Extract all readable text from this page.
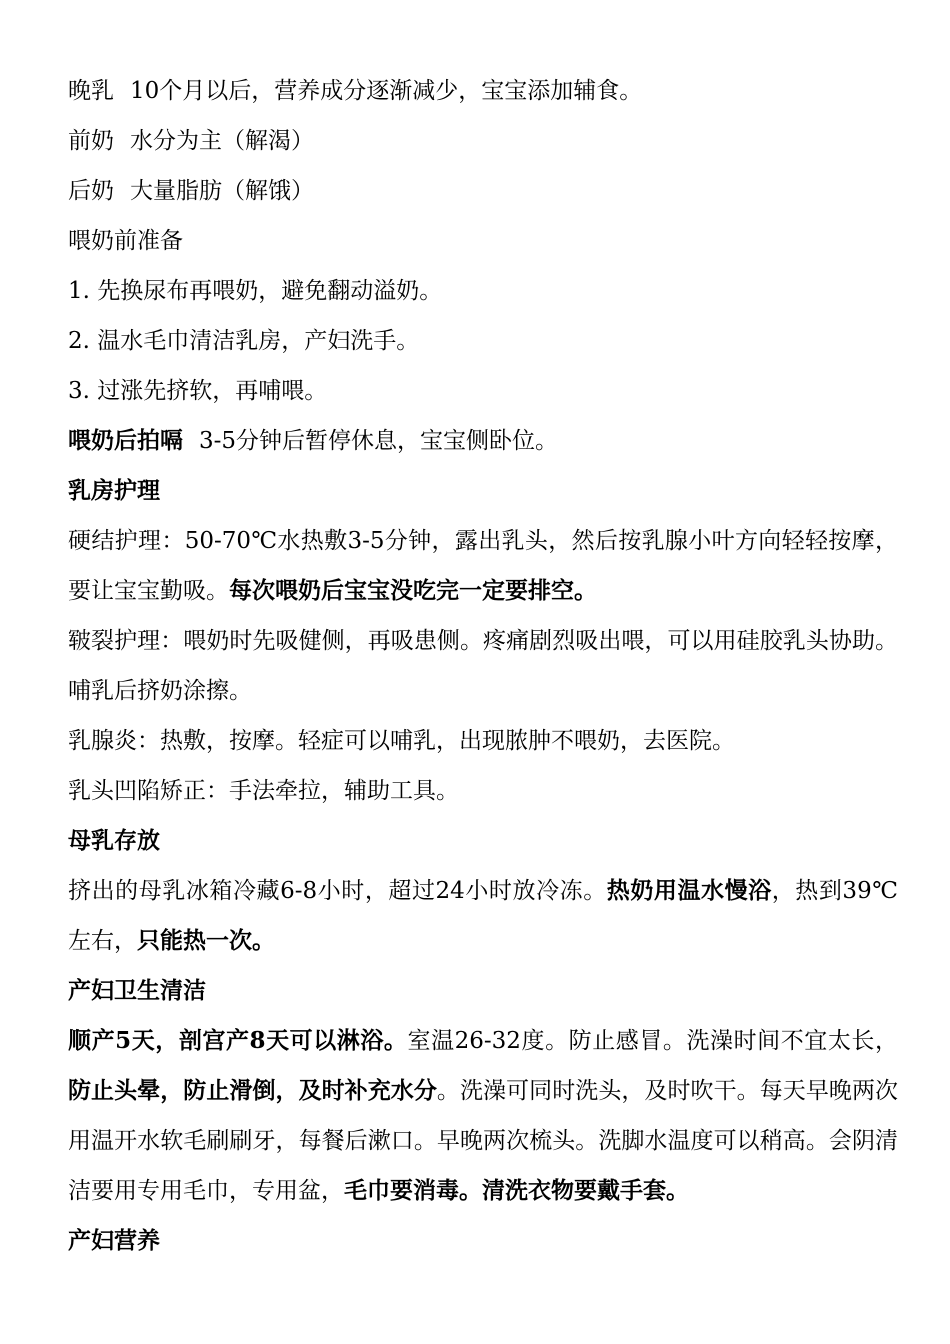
晚乳 10个月以后，营养成分逐渐减少，宝宝添加辅食。

前奶 水分为主（解渴）

后奶 大量脂肪（解饿）

喂奶前准备

1. 先换尿布再喂奶，避免翻动溢奶。

2. 温水毛巾清洁乳房，产妇洗手。

3. 过涨先挤软，再哺喂。

喂奶后拍嗝 3-5分钟后暂停休息，宝宝侧卧位。

乳房护理

硬结护理：50-70℃水热敷3-5分钟，露出乳头，然后按乳腺小叶方向轻轻按摩，要让宝宝勤吸。每次喂奶后宝宝没吃完一定要排空。

皲裂护理：喂奶时先吸健侧，再吸患侧。疼痛剧烈吸出喂，可以用硅胶乳头协助。哺乳后挤奶涂擦。

乳腺炎：热敷，按摩。轻症可以哺乳，出现脓肿不喂奶，去医院。

乳头凹陷矫正：手法牵拉，辅助工具。

母乳存放

挤出的母乳冰箱冷藏6-8小时，超过24小时放冷冻。热奶用温水慢浴，热到39℃左右，只能热一次。

产妇卫生清洁

顺产5天，剖宫产8天可以淋浴。室温26-32度。防止感冒。洗澡时间不宜太长，防止头晕，防止滑倒，及时补充水分。洗澡可同时洗头，及时吹干。每天早晚两次用温开水软毛刷刷牙，每餐后漱口。早晚两次梳头。洗脚水温度可以稍高。会阴清洁要用专用毛巾，专用盆，毛巾要消毒。清洗衣物要戴手套。

产妇营养
